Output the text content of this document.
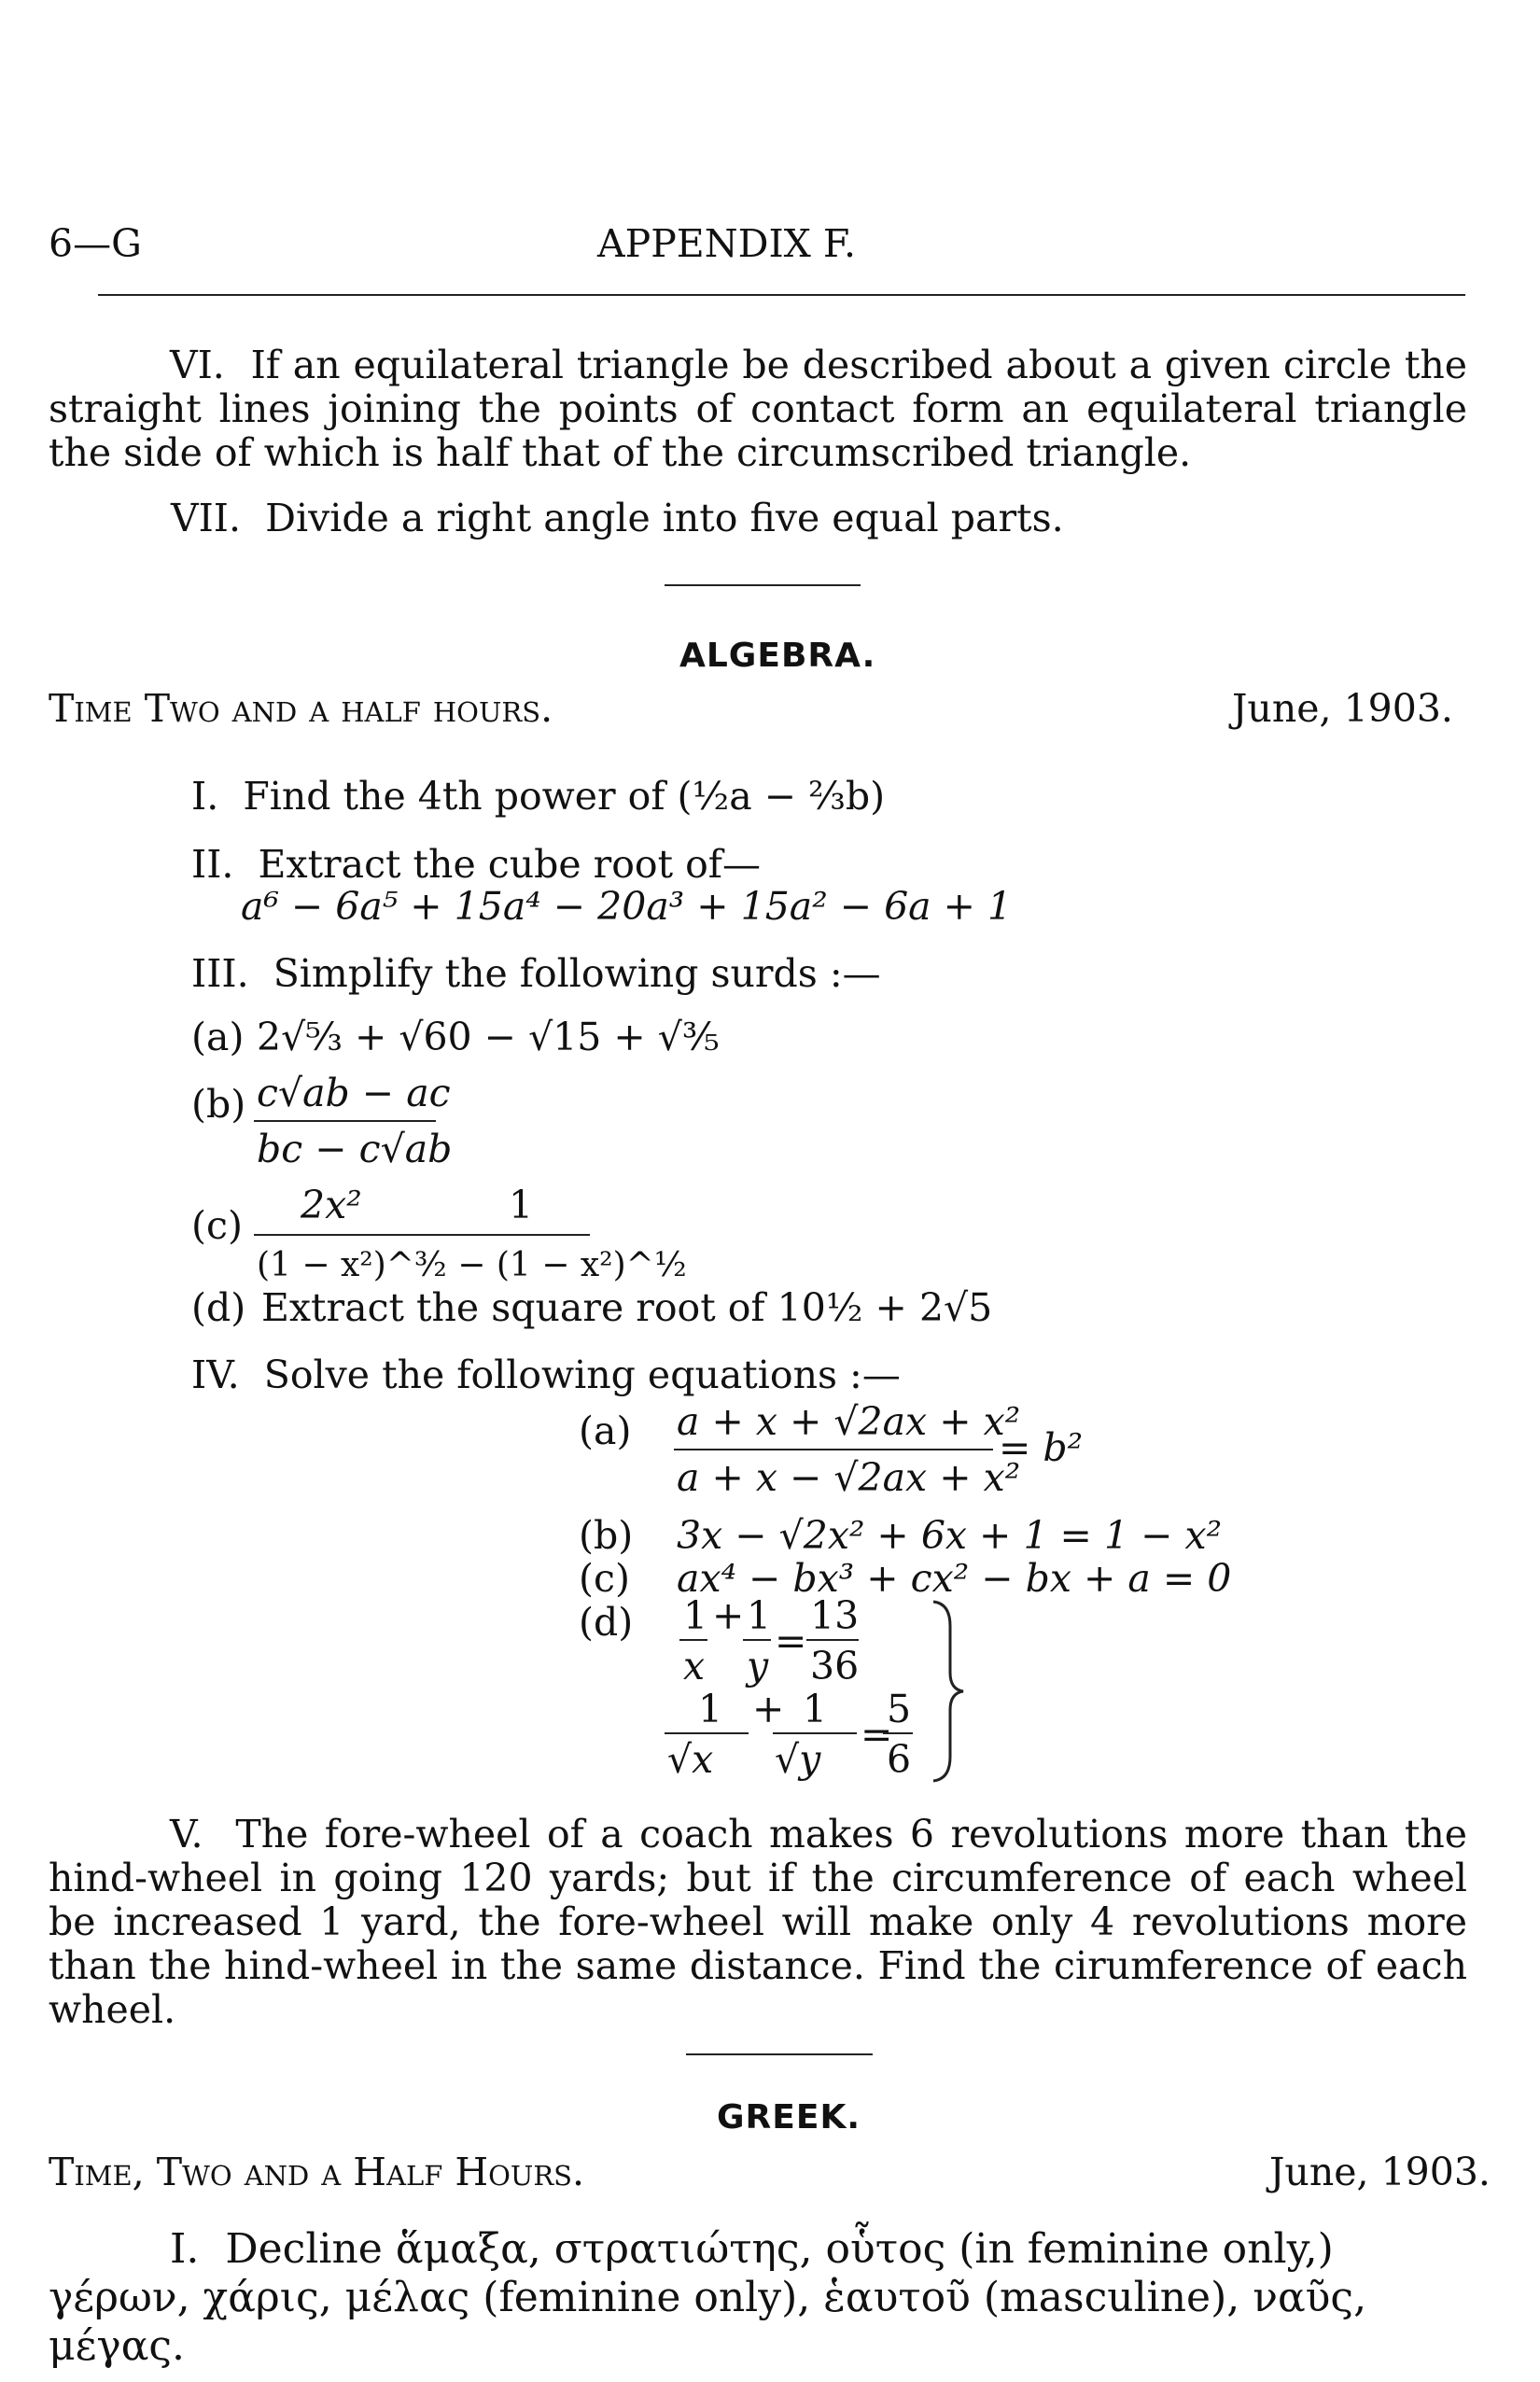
6—G	APPENDIX F.
VI. If an equilateral triangle be described about a given circle the straight lines joining the points of contact form an equilateral triangle the side of which is half that of the circumscribed triangle.
VII. Divide a right angle into five equal parts.
ALGEBRA.
Time Two and a half hours.	June, 1903.
I. Find the 4th power of (½a − ⅔b)
II. Extract the cube root of—
a⁶ − 6a⁵ + 15a⁴ − 20a³ + 15a² − 6a + 1
III. Simplify the following surds :—
(a) 2√⁵⁄₃ + √60 − √15 + √³⁄₅
(b) c√ab − ac
bc − c√ab
(c) 2x²	1
(1 − x²)^³⁄₂ − (1 − x²)^½
(d) Extract the square root of 10½ + 2√5
IV. Solve the following equations :—
(a) a + x + √2ax + x²
a + x − √2ax + x²
= b²
(b) 3x − √2x² + 6x + 1 = 1 − x²
(c) ax⁴ − bx³ + cx² − bx + a = 0
(d) 1
x
+ 1
y
=
13
36
1
√x
+ 1
√y
=
5
6
V. The fore-wheel of a coach makes 6 revolutions more than the hind-wheel in going 120 yards; but if the circumference of each wheel be increased 1 yard, the fore-wheel will make only 4 revolutions more than the hind-wheel in the same distance. Find the cirumference of each wheel.
GREEK.
Time, Two and a Half Hours.	June, 1903.
I. Decline ἅμαξα, στρατιώτης, οὗτος (in feminine only,) γέρων, χάρις, μέλας (feminine only), ἑαυτοῦ (masculine), ναῦς, μέγας.
